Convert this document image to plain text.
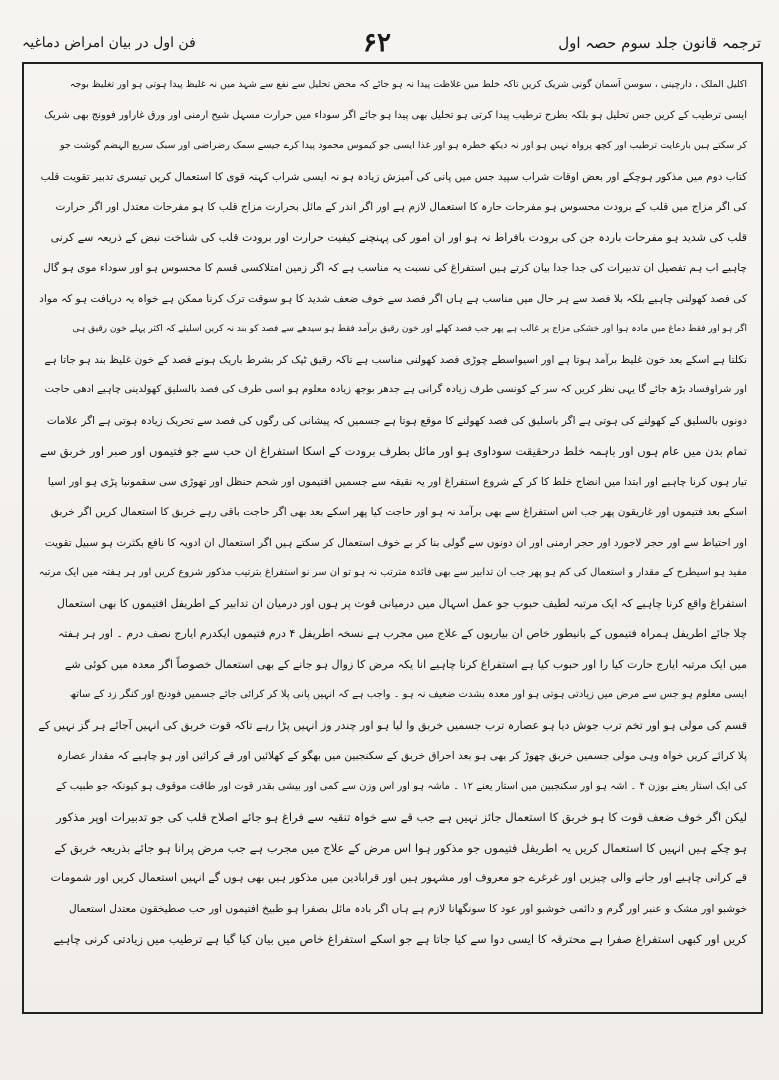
ترجمہ قانون جلد سوم حصہ اول
۶۲
فن اول در بیان امراض دماغیہ
اکلیل الملک ، دارچینی ، سوسن آسمان گونی شریک کریں تاکہ خلط میں غلاظت پیدا نہ ہو جائے کہ محض تحلیل سے نفع سے شہد میں نہ غلیظ پیدا ہوتی ہو اور تغلیظ بوجہ
ایسی ترطیب کے کریں جس تحلیل ہو بلکہ بطرح ترطیب پیدا کرتی ہو تحلیل بھی پیدا ہو جائے اگر سوداء میں حرارت مسہل شیح ارمنی اور ورق غاراور فوونج بھی شریک
کر سکتے ہیں بارعایت ترطیب اور کچھ پرواہ نہیں ہو اور نہ دیکھ خطرہ ہو اور غذا ایسی جو کیموس محمود پیدا کرے جیسے سمک رضراضی اور سبک سریع الہضم گوشت جو
کتاب دوم میں مذکور ہوچکے اور بعض اوقات شراب سپید جس میں پانی کی آمیزش زیادہ ہو نہ ایسی شراب کہنہ قوی کا استعمال کریں تیسری تدبیر تقویت قلب
کی اگر مزاج میں قلب کے برودت محسوس ہو مفرحات حارہ کا استعمال لازم ہے اور اگر اندر کے مائل بحرارت مزاج قلب کا ہو مفرحات معتدل اور اگر حرارت
قلب کی شدید ہو مفرحات باردہ جن کی برودت بافراط نہ ہو اور ان امور کی پہنچنے کیفیت حرارت اور برودت قلب کی شناخت نبض کے ذریعہ سے کرنی
چاہیے اب ہم تفصیل ان تدبیرات کی جدا جدا بیان کرتے ہیں استفراغ کی نسبت یہ مناسب ہے کہ اگر زمین امتلاکسی قسم کا محسوس ہو اور سوداء موی ہو گال
کی فصد کھولنی چاہیے بلکہ بلا فصد سے ہر حال میں مناسب ہے ہاں اگر فصد سے خوف ضعف شدید کا ہو سوقت ترک کرنا ممکن ہے خواہ یہ دریافت ہو کہ مواد
اگر ہو اور فقط دماغ میں مادہ ہوا اور خشکی مزاج پر غالب ہے پھر جب فصد کھلے اور خون رقیق برآمد فقط ہو سیدھے سے فصد کو بند نہ کریں اسلیئے کہ اکثر پہلے خون رقیق ہی
نکلتا ہے اسکے بعد خون غلیظ برآمد ہوتا ہے اور اسیواسطے چوڑی فصد کھولنی مناسب ہے تاکہ رقیق ٹپک کر بشرط باریک ہونے فصد کے خون غلیظ بند ہو جاتا ہے
اور شراوفساد بڑھ جائے گا یہی نظر کریں کہ سر کے کونسی طرف زیادہ گرانی ہے جدھر بوجھ زیادہ معلوم ہو اسی طرف کی فصد بالسلیق کھولدینی چاہیے ادھی حاجت
دونوں بالسلیق کے کھولنے کی ہوتی ہے اگر باسلیق کی فصد کھولنے کا موقع ہوتا ہے جسمیں کہ پیشانی کی رگوں کی فصد سے تحریک زیادہ ہوتی ہے اگر علامات
تمام بدن میں عام ہوں اور باہمہ خلط درحقیقت سوداوی ہو اور مائل بطرف برودت کے اسکا استفراغ ان حب سے جو فتیموں اور صبر اور خربق سے
تیار ہوں کرنا چاہیے اور ابتدا میں انضاج خلط کا کر کے شروع استفراغ اور یہ نقیقہ سے جسمیں افتیموں اور شحم حنظل اور تھوڑی سی سقمونیا پڑی ہو اور اسیا
اسکے بعد فتیموں اور غاریقون پھر جب اس استفراغ سے بھی برآمد نہ ہو اور حاجت کیا پھر اسکے بعد بھی اگر حاجت باقی رہے خربق کا استعمال کریں اگر خربق
اور احتیاط سے اور حجر لاجورد اور حجر ارمنی اور ان دونوں سے گولی بنا کر بے خوف استعمال کر سکتے ہیں اگر استعمال ان ادویہ کا نافع بکثرت ہو سبیل تقویت
مفید ہو اسیطرح کے مقدار و استعمال کی کم ہو پھر جب ان تدابیر سے بھی فائدہ مترتب نہ ہو تو ان سر نو استفراغ بترتیب مذکور شروع کریں اور ہر ہفتہ میں ایک مرتبہ
استفراغ واقع کرنا چاہیے کہ ایک مرتبہ لطیف حبوب جو عمل اسہال میں درمیانی قوت پر ہوں اور درمیان ان تدابیر کے اطریفل افتیموں کا بھی استعمال
چلا جائے اطریفل ہمراہ فتیموں کے بانیطور خاص ان بیاریوں کے علاج میں مجرب ہے نسخہ اطریفل ۴ درم فتیموں ایکدرم ایارج نصف درم ۔ اور ہر ہفتہ
میں ایک مرتبہ ایارج حارت کیا را اور حبوب کیا ہے استفراغ کرنا چاہیے انا یکہ مرض کا زوال ہو جانے کے بھی استعمال خصوصاً اگر معدہ میں کوئی شے
ایسی معلوم ہو جس سے مرض میں زیادتی ہوتی ہو اور معدہ بشدت ضعیف نہ ہو ۔ واجب ہے کہ انہیں پانی پلا کر کرائی جائے جسمیں فودنج اور کنگر زد کے ساتھ
قسم کی مولی ہو اور تخم ترب جوش دیا ہو عصارہ ترب جسمیں خربق وا لیا ہو اور چندر وز انہیں پڑا رہے تاکہ قوت خربق کی انہیں آجائے ہر گز نہیں کے
پلا کرائے کریں خواہ وہی مولی جسمیں خربق چھوڑ کر بھی ہو بعد احراق خربق کے سکنجبین میں بھگو کے کھلائیں اور قے کرائیں اور ہو چاہیے کہ مقدار عصارہ
کی ایک استار یعنے بوزن ۴ ۔ اشہ ہو اور سکنجبین میں استار یعنے ۱۲ ۔ ماشہ ہو اور اس وزن سے کمی اور بیشی بقدر قوت اور طاقت موقوف ہو کیونکہ جو طبیب کے
لیکن اگر خوف ضعف قوت کا ہو خربق کا استعمال جائز نہیں ہے جب قے سے خواہ تنقیہ سے فراغ ہو جائے اصلاح قلب کی جو تدبیرات اوپر مذکور
ہو چکے ہیں انہیں کا استعمال کریں یہ اطریفل فتیموں جو مذکور ہوا اس مرض کے علاج میں مجرب ہے جب مرض پرانا ہو جائے بذریعہ خربق کے
قے کرانی چاہیے اور جانے والی چیزیں اور غرغرے جو معروف اور مشہور ہیں اور قرابادین میں مذکور ہیں بھی ہوں گے انہیں استعمال کریں اور شمومات
خوشبو اور مشک و عنبر اور گرم و دائمی خوشبو اور عود کا سونگھانا لازم ہے ہاں اگر بادہ مائل بصفرا ہو طبیخ افتیموں اور حب صطیخقون معتدل استعمال
کریں اور کبھی استفراغ صفرا ہے محترقہ کا ایسی دوا سے کیا جاتا ہے جو اسکے استفراغ خاص میں بیان کیا گیا ہے ترطیب میں زیادتی کرنی چاہیے
